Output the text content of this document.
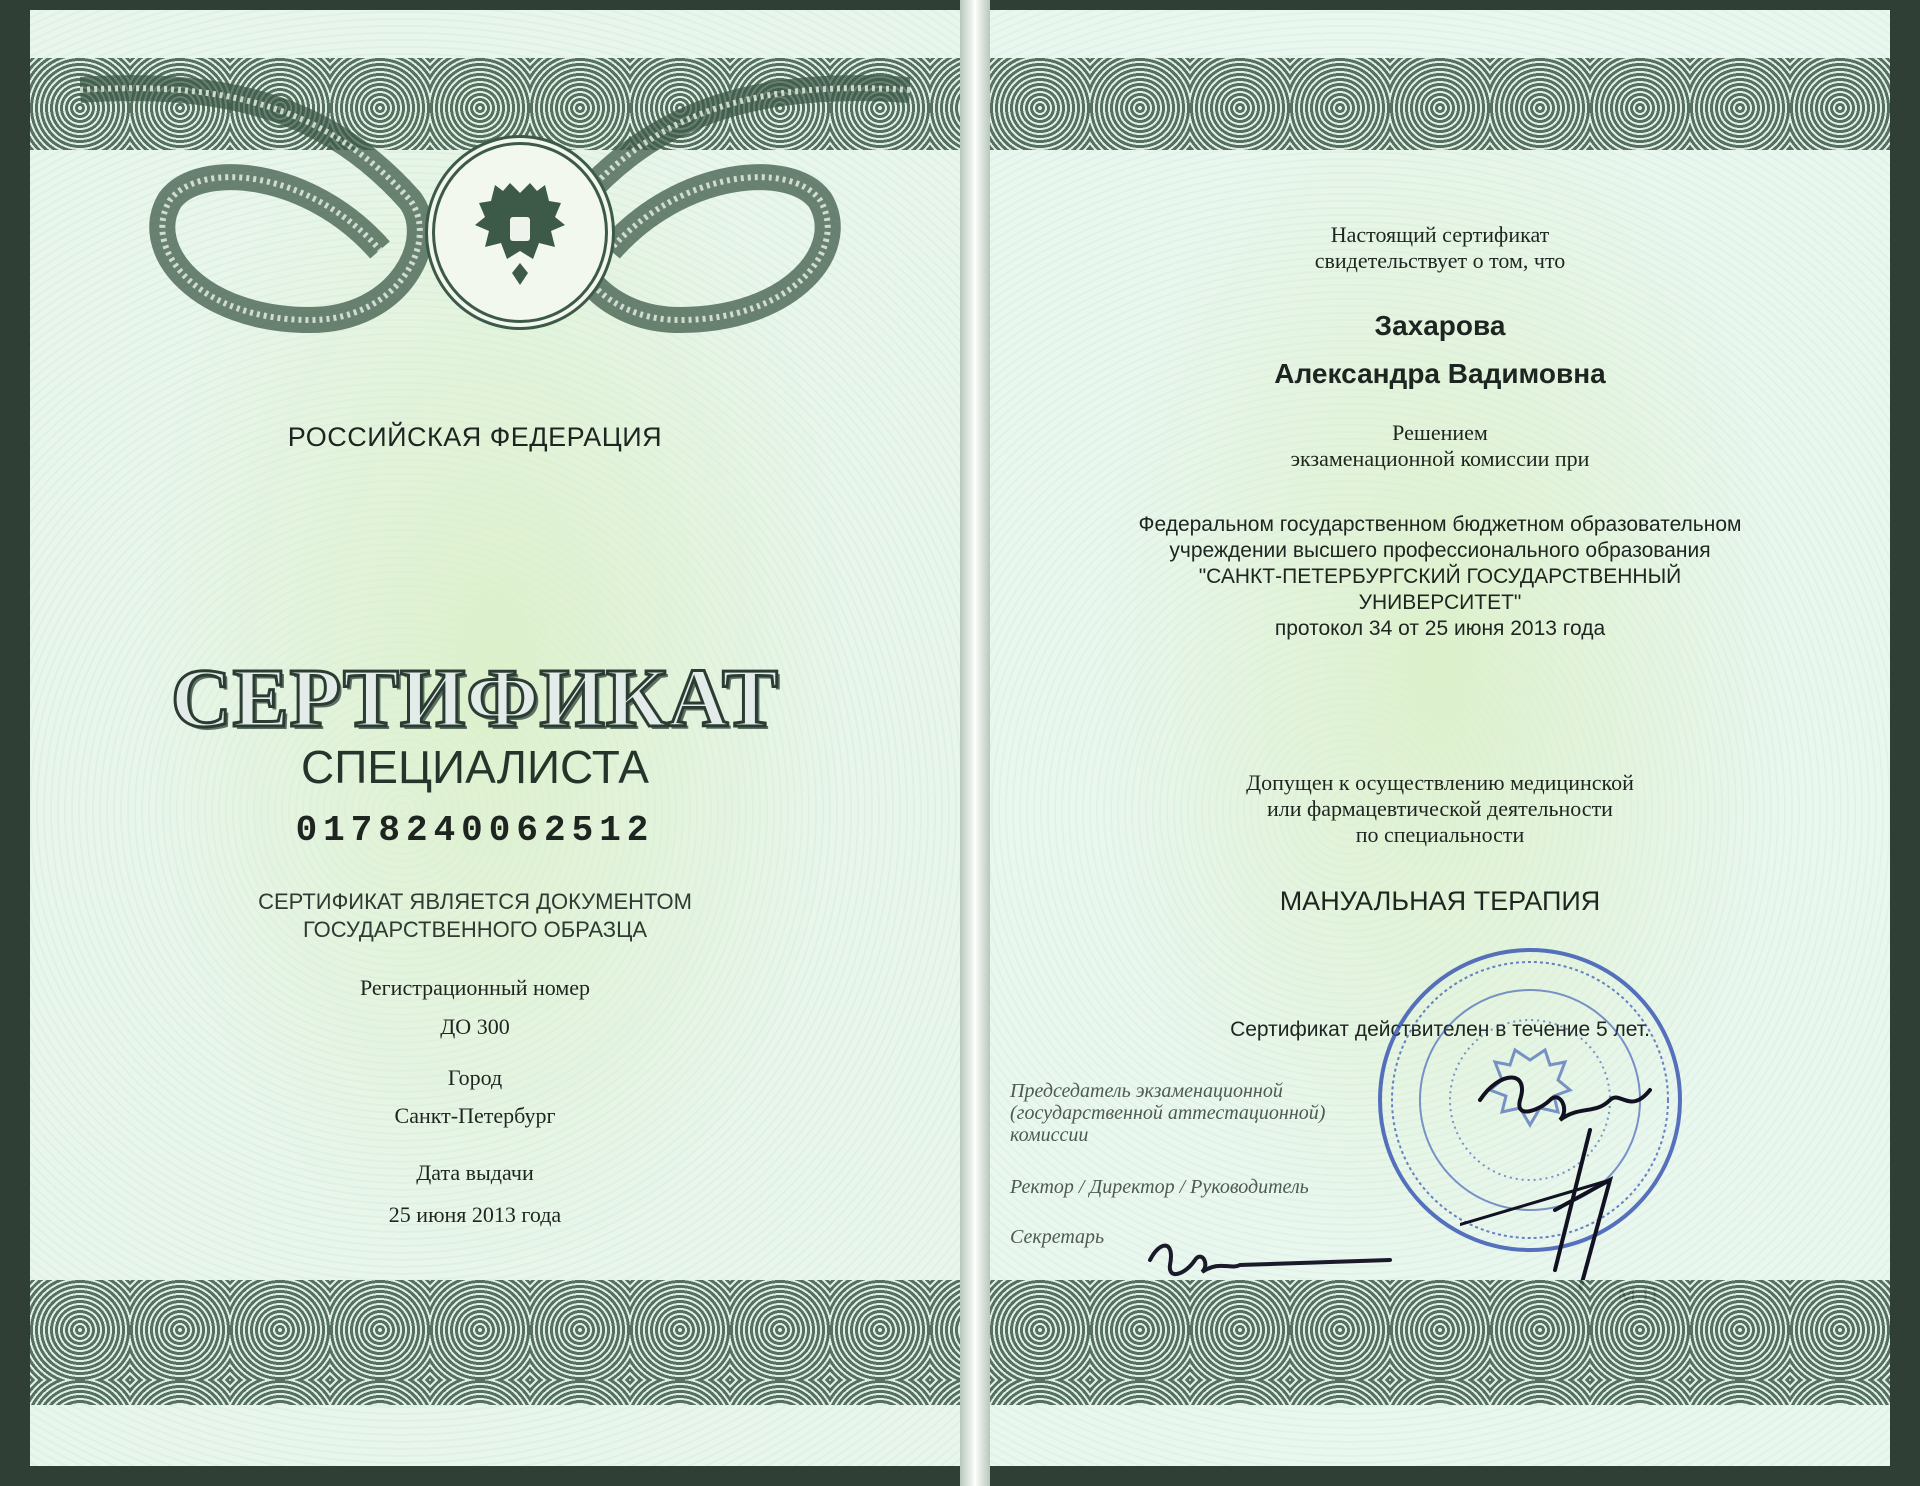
РОССИЙСКАЯ ФЕДЕРАЦИЯ
СЕРТИФИКАТ
СПЕЦИАЛИСТА
0178240062512
СЕРТИФИКАТ ЯВЛЯЕТСЯ ДОКУМЕНТОМ
ГОСУДАРСТВЕННОГО ОБРАЗЦА
Регистрационный номер
ДО 300
Город
Санкт-Петербург
Дата выдачи
25 июня 2013 года
Настоящий сертификат
свидетельствует о том, что
Захарова
Александра Вадимовна
Решением
экзаменационной комиссии при
Федеральном государственном бюджетном образовательном
учреждении высшего профессионального образования
"САНКТ-ПЕТЕРБУРГСКИЙ ГОСУДАРСТВЕННЫЙ
УНИВЕРСИТЕТ"
протокол 34 от 25 июня 2013 года
Допущен к осуществлению медицинской
или фармацевтической деятельности
по специальности
МАНУАЛЬНАЯ ТЕРАПИЯ
Сертификат действителен в течение 5 лет.
Председатель экзаменационной
(государственной аттестационной)
комиссии
Ректор / Директор / Руководитель
Секретарь
